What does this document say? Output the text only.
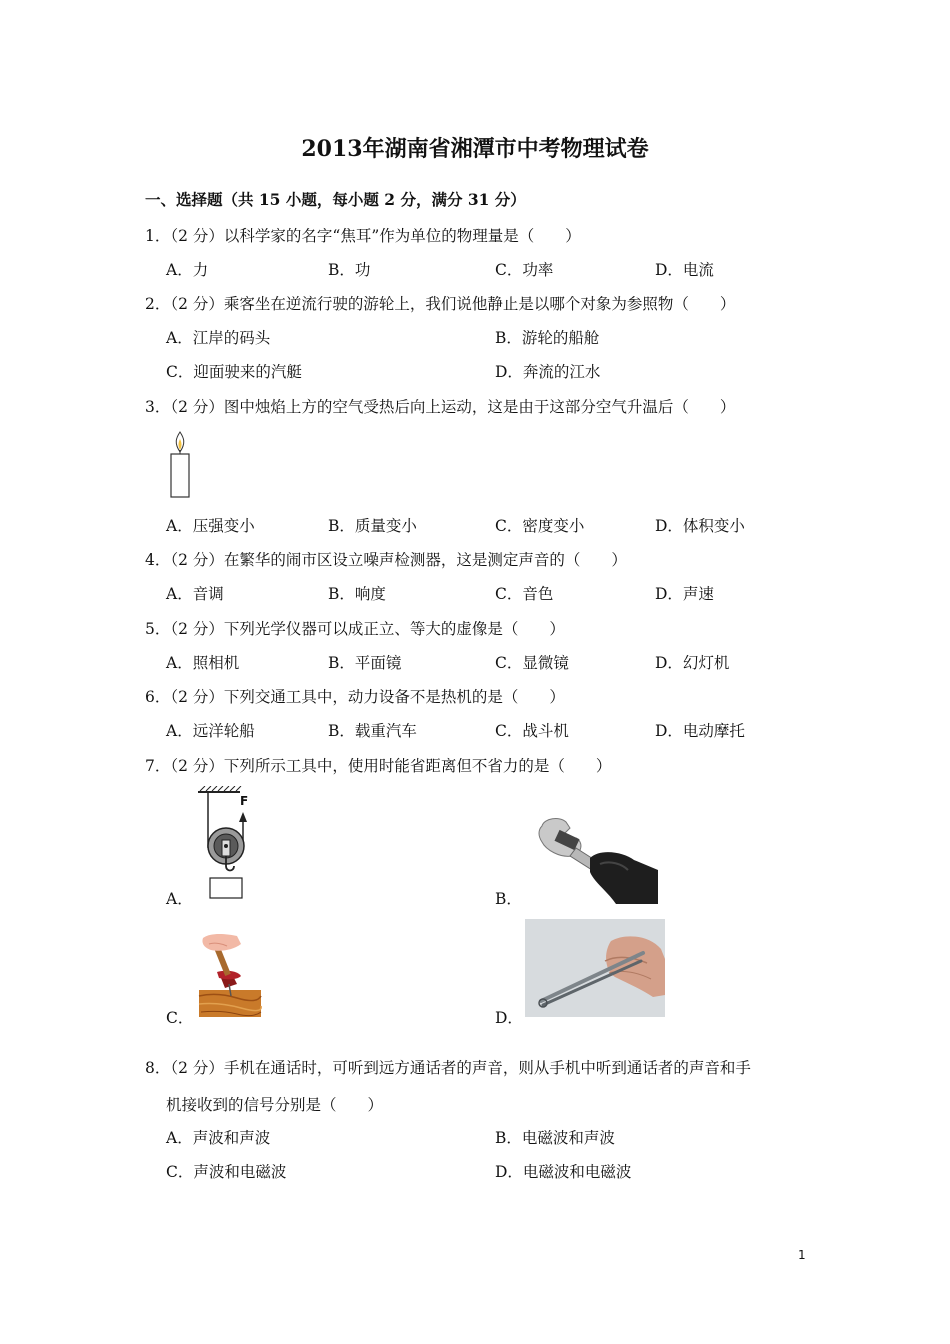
2013年湖南省湘潭市中考物理试卷
一、选择题（共 15 小题，每小题 2 分，满分 31 分）
1．（2 分）以科学家的名字“焦耳”作为单位的物理量是（　　）
A．力	B．功	C．功率	D．电流
2．（2 分）乘客坐在逆流行驶的游轮上，我们说他静止是以哪个对象为参照物（　　）
A．江岸的码头	B．游轮的船舱
C．迎面驶来的汽艇	D．奔流的江水
3．（2 分）图中烛焰上方的空气受热后向上运动，这是由于这部分空气升温后（　　）
A．压强变小	B．质量变小	C．密度变小	D．体积变小
4．（2 分）在繁华的闹市区设立噪声检测器，这是测定声音的（　　）
A．音调	B．响度	C．音色	D．声速
5．（2 分）下列光学仪器可以成正立、等大的虚像是（　　）
A．照相机	B．平面镜	C．显微镜	D．幻灯机
6．（2 分）下列交通工具中，动力设备不是热机的是（　　）
A．远洋轮船	B．载重汽车	C．战斗机	D．电动摩托
7．（2 分）下列所示工具中，使用时能省距离但不省力的是（　　）
F
A．	B．
C．	D．
8．（2 分）手机在通话时，可听到远方通话者的声音，则从手机中听到通话者的声音和手
机接收到的信号分别是（　　）
A．声波和声波	B．电磁波和声波
C．声波和电磁波	D．电磁波和电磁波
1
